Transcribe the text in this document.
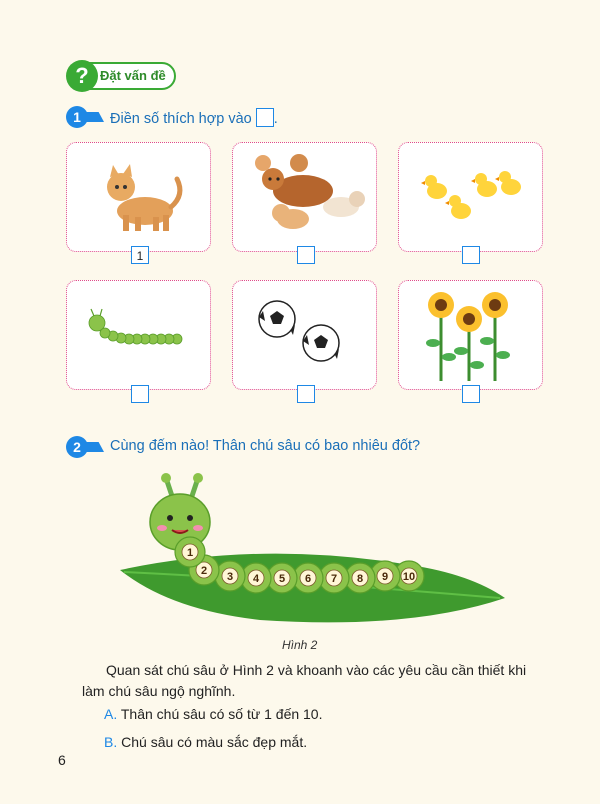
? Đặt vấn đề
1	Điền số thích hợp vào .
1
2	Cùng đếm nào! Thân chú sâu có bao nhiêu đốt?
10
9
8
7
6
5
4
3
2
1
Hình 2
Quan sát chú sâu ở Hình 2 và khoanh vào các yêu cầu cần thiết khi làm chú sâu ngộ nghĩnh.
A. Thân chú sâu có số từ 1 đến 10.
B. Chú sâu có màu sắc đẹp mắt.
6
